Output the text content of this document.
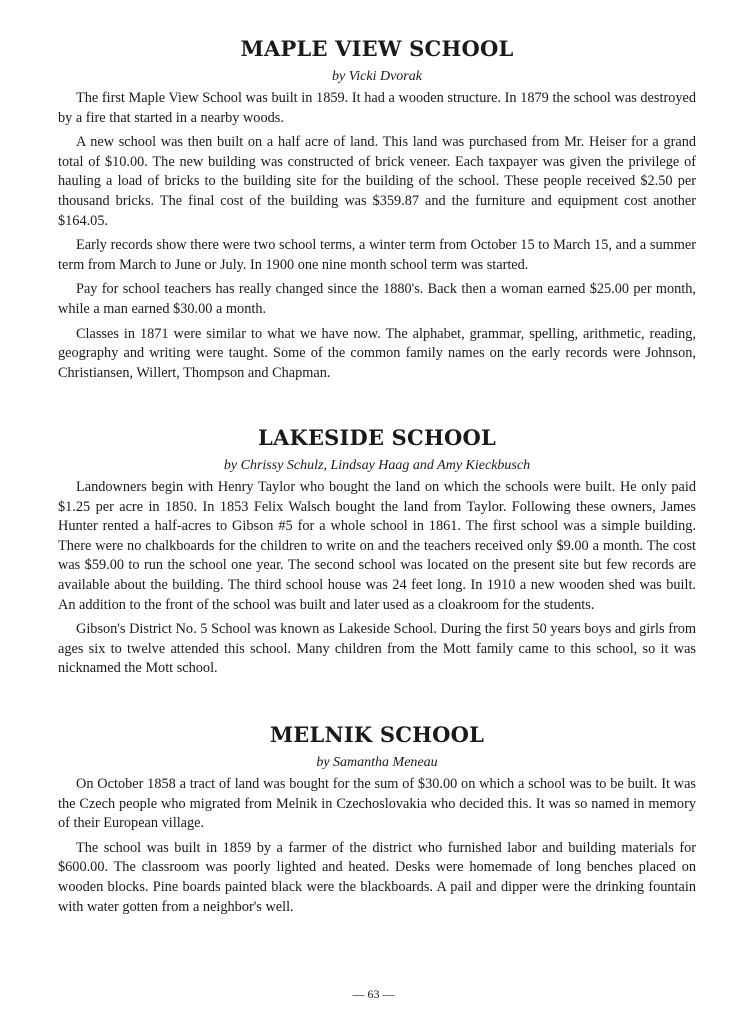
MAPLE VIEW SCHOOL
by Vicki Dvorak

The first Maple View School was built in 1859. It had a wooden structure. In 1879 the school was destroyed by a fire that started in a nearby woods.

A new school was then built on a half acre of land. This land was purchased from Mr. Heiser for a grand total of $10.00. The new building was constructed of brick veneer. Each taxpayer was given the privilege of hauling a load of bricks to the building site for the building of the school. These people received $2.50 per thousand bricks. The final cost of the building was $359.87 and the furniture and equipment cost another $164.05.

Early records show there were two school terms, a winter term from October 15 to March 15, and a summer term from March to June or July. In 1900 one nine month school term was started.

Pay for school teachers has really changed since the 1880's. Back then a woman earned $25.00 per month, while a man earned $30.00 a month.

Classes in 1871 were similar to what we have now. The alphabet, grammar, spelling, arithmetic, reading, geography and writing were taught. Some of the common family names on the early records were Johnson, Christiansen, Willert, Thompson and Chapman.

LAKESIDE SCHOOL
by Chrissy Schulz, Lindsay Haag and Amy Kieckbusch

Landowners begin with Henry Taylor who bought the land on which the schools were built. He only paid $1.25 per acre in 1850. In 1853 Felix Walsch bought the land from Taylor. Following these owners, James Hunter rented a half-acres to Gibson #5 for a whole school in 1861. The first school was a simple building. There were no chalkboards for the children to write on and the teachers received only $9.00 a month. The cost was $59.00 to run the school one year. The second school was located on the present site but few records are available about the building. The third school house was 24 feet long. In 1910 a new wooden shed was built. An addition to the front of the school was built and later used as a cloakroom for the students.

Gibson's District No. 5 School was known as Lakeside School. During the first 50 years boys and girls from ages six to twelve attended this school. Many children from the Mott family came to this school, so it was nicknamed the Mott school.

MELNIK SCHOOL
by Samantha Meneau

On October 1858 a tract of land was bought for the sum of $30.00 on which a school was to be built. It was the Czech people who migrated from Melnik in Czechoslovakia who decided this. It was so named in memory of their European village.

The school was built in 1859 by a farmer of the district who furnished labor and building materials for $600.00. The classroom was poorly lighted and heated. Desks were homemade of long benches placed on wooden blocks. Pine boards painted black were the blackboards. A pail and dipper were the drinking fountain with water gotten from a neighbor's well.

— 63 —
